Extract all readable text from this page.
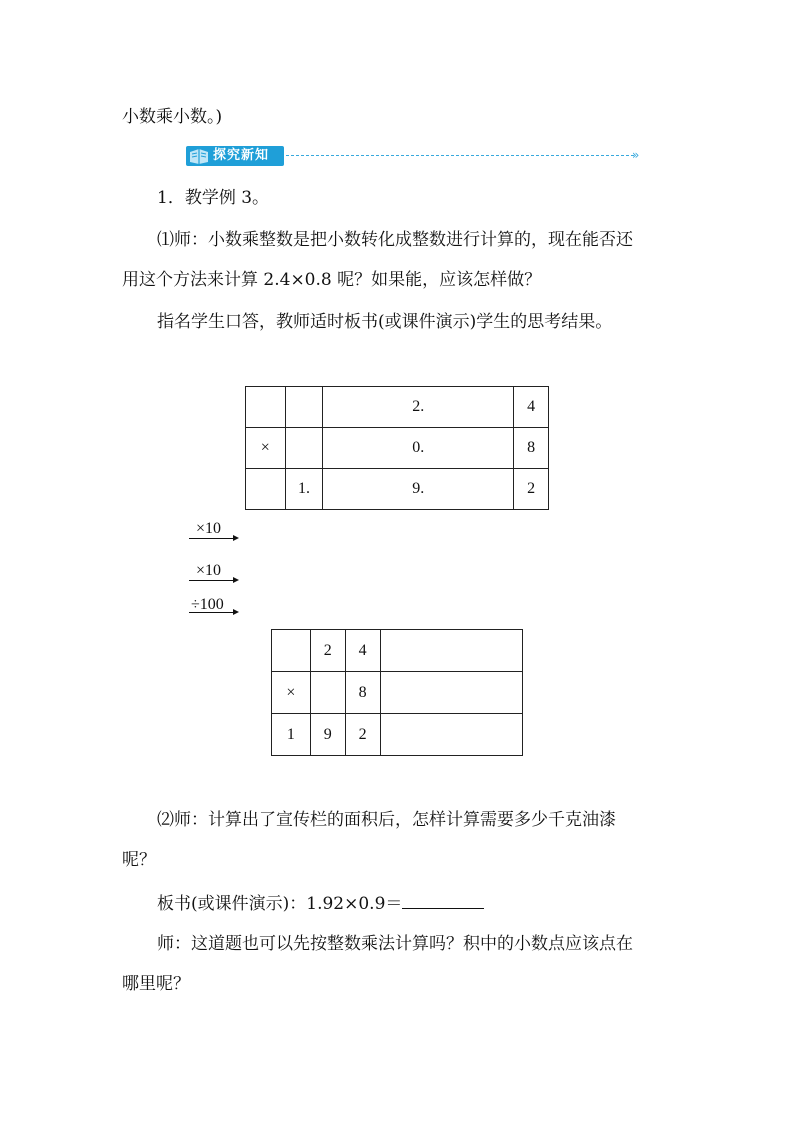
小数乘小数。)
探究新知	»
1．教学例 3。
⑴师：小数乘整数是把小数转化成整数进行计算的，现在能否还
用这个方法来计算 2.4×0.8 呢？如果能，应该怎样做？
指名学生口答，教师适时板书(或课件演示)学生的思考结果。
		2.	4
×		0.	8
	1.	9.	2
×10
×10
÷100
	2	4	
×		8	
1	9	2	
⑵师：计算出了宣传栏的面积后，怎样计算需要多少千克油漆
呢？
板书(或课件演示)：1.92×0.9＝
师：这道题也可以先按整数乘法计算吗？积中的小数点应该点在
哪里呢？
